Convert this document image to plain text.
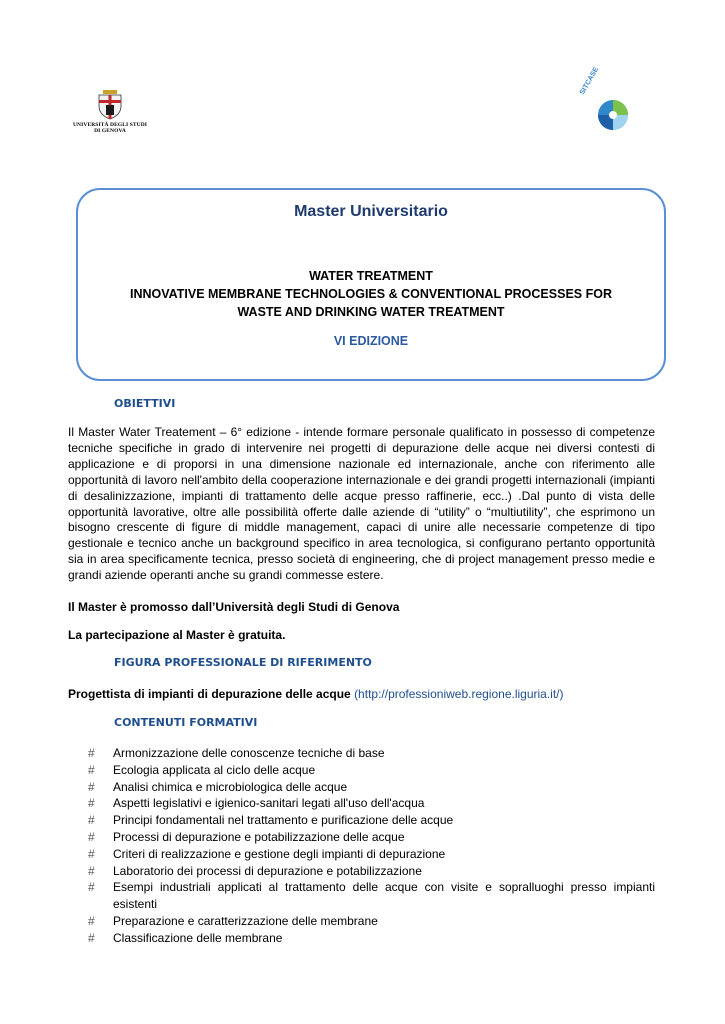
UNIVERSITÀ DEGLI STUDI
DI GENOVA
SITCASE
Master Universitario
WATER TREATMENT
INNOVATIVE MEMBRANE TECHNOLOGIES & CONVENTIONAL PROCESSES FOR
WASTE AND DRINKING WATER TREATMENT
VI EDIZIONE
OBIETTIVI
Il Master Water Treatement – 6° edizione - intende formare personale qualificato in possesso di competenze tecniche specifiche in grado di intervenire nei progetti di depurazione delle acque nei diversi contesti di applicazione e di proporsi in una dimensione nazionale ed internazionale, anche con riferimento alle opportunità di lavoro nell'ambito della cooperazione internazionale e dei grandi progetti internazionali (impianti di desalinizzazione, impianti di trattamento delle acque presso raffinerie, ecc..) .Dal punto di vista delle opportunità lavorative, oltre alle possibilità offerte dalle aziende di “utility” o “multiutility”, che esprimono un bisogno crescente di figure di middle management, capaci di unire alle necessarie competenze di tipo gestionale e tecnico anche un background specifico in area tecnologica, si configurano pertanto opportunità sia in area specificamente tecnica, presso società di engineering, che di project management presso medie e grandi aziende operanti anche su grandi commesse estere.
Il Master è promosso dall’Università degli Studi di Genova
La partecipazione al Master è gratuita.
FIGURA PROFESSIONALE DI RIFERIMENTO
Progettista di impianti di depurazione delle acque (http://professioniweb.regione.liguria.it/)
CONTENUTI FORMATIVI
# Armonizzazione delle conoscenze tecniche di base
# Ecologia applicata al ciclo delle acque
# Analisi chimica e microbiologica delle acque
# Aspetti legislativi e igienico-sanitari legati all'uso dell'acqua
# Principi fondamentali nel trattamento e purificazione delle acque
# Processi di depurazione e potabilizzazione delle acque
# Criteri di realizzazione e gestione degli impianti di depurazione
# Laboratorio dei processi di depurazione e potabilizzazione
# Esempi industriali applicati al trattamento delle acque con visite e sopralluoghi presso impianti esistenti
# Preparazione e caratterizzazione delle membrane
# Classificazione delle membrane
